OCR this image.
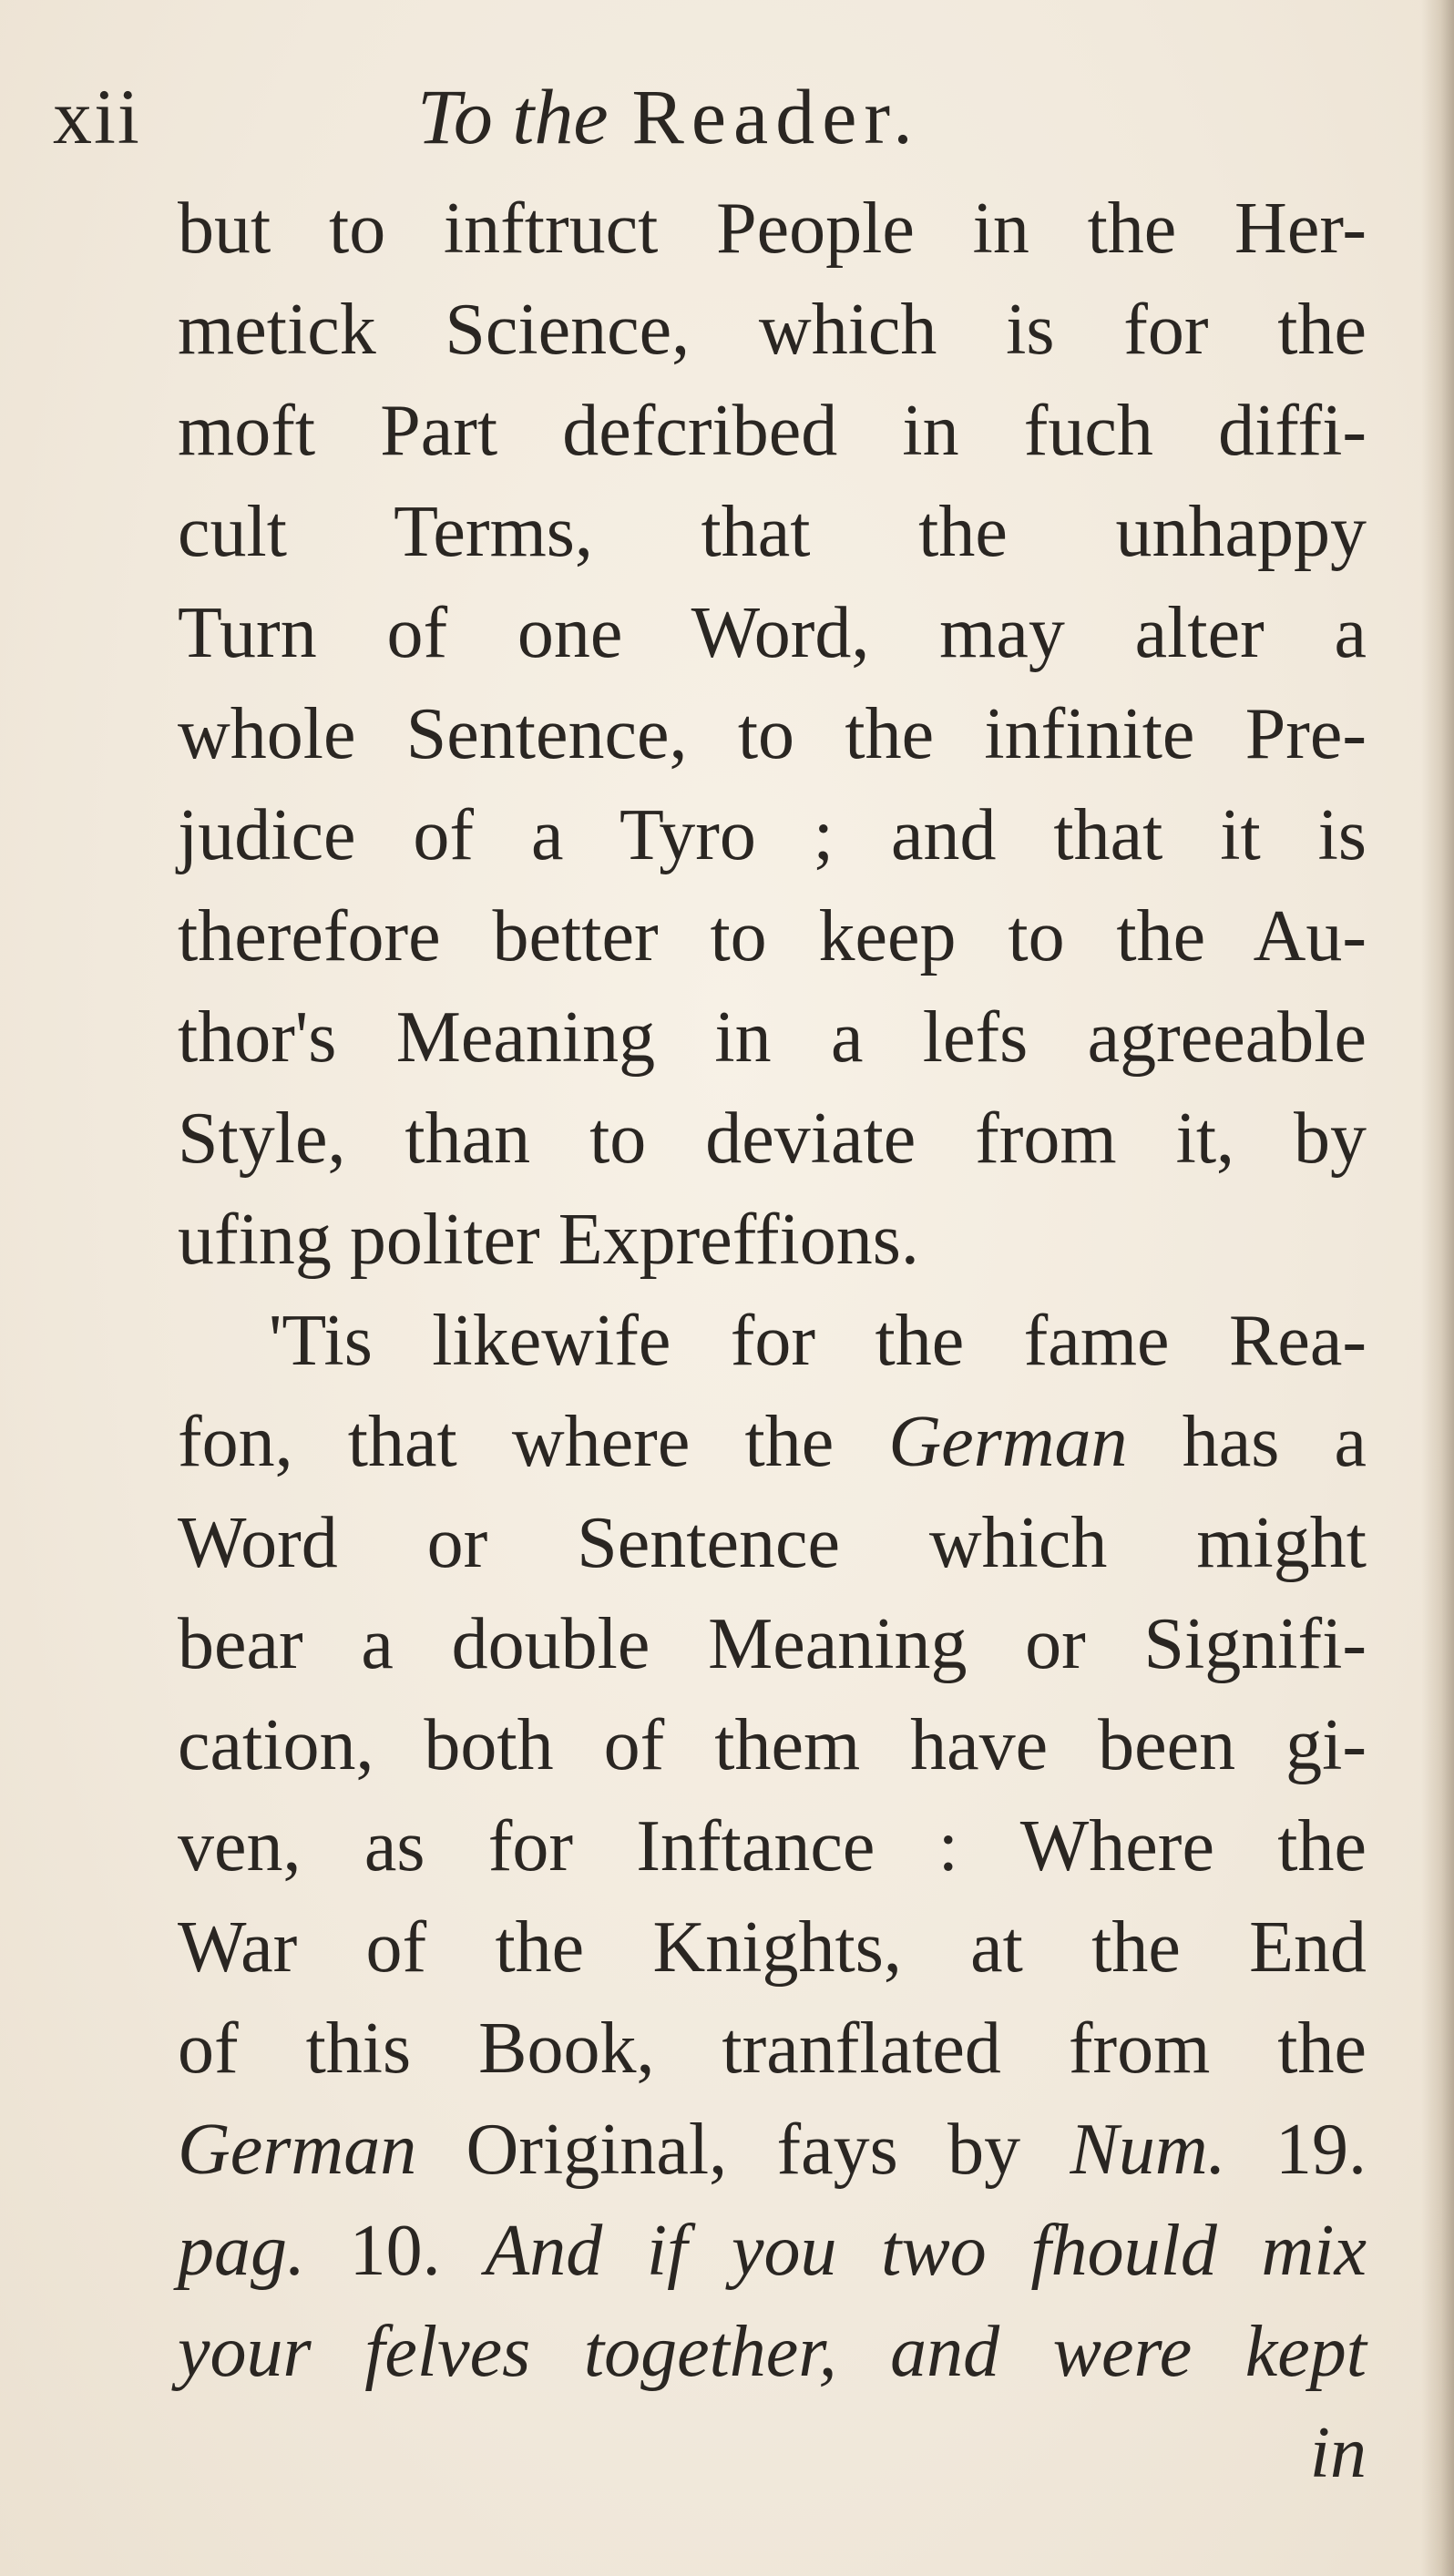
xii	To the Reader.
but to inftruct People in the Her-
metick Science, which is for the
moft Part defcribed in fuch diffi-
cult Terms, that the unhappy
Turn of one Word, may alter a
whole Sentence, to the infinite Pre-
judice of a Tyro ; and that it is
therefore better to keep to the Au-
thor's Meaning in a lefs agreeable
Style, than to deviate from it, by
ufing politer Expreffions.
'Tis likewife for the fame Rea-
fon, that where the German has a
Word or Sentence which might
bear a double Meaning or Signifi-
cation, both of them have been gi-
ven, as for Inftance : Where the
War of the Knights, at the End
of this Book, tranflated from the
German Original, fays by Num. 19.
pag. 10. And if you two fhould mix
your felves together, and were kept
in
